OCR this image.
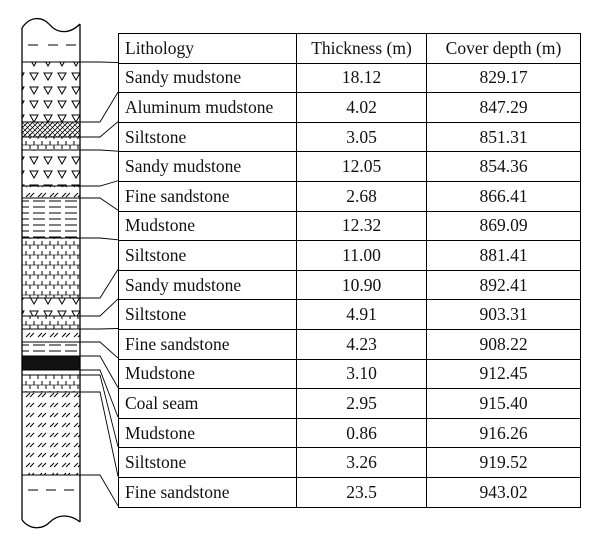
Lithology	Thickness (m)	Cover depth (m)
Sandy mudstone	18.12	829.17
Aluminum mudstone	4.02	847.29
Siltstone	3.05	851.31
Sandy mudstone	12.05	854.36
Fine sandstone	2.68	866.41
Mudstone	12.32	869.09
Siltstone	11.00	881.41
Sandy mudstone	10.90	892.41
Siltstone	4.91	903.31
Fine sandstone	4.23	908.22
Mudstone	3.10	912.45
Coal seam	2.95	915.40
Mudstone	0.86	916.26
Siltstone	3.26	919.52
Fine sandstone	23.5	943.02
